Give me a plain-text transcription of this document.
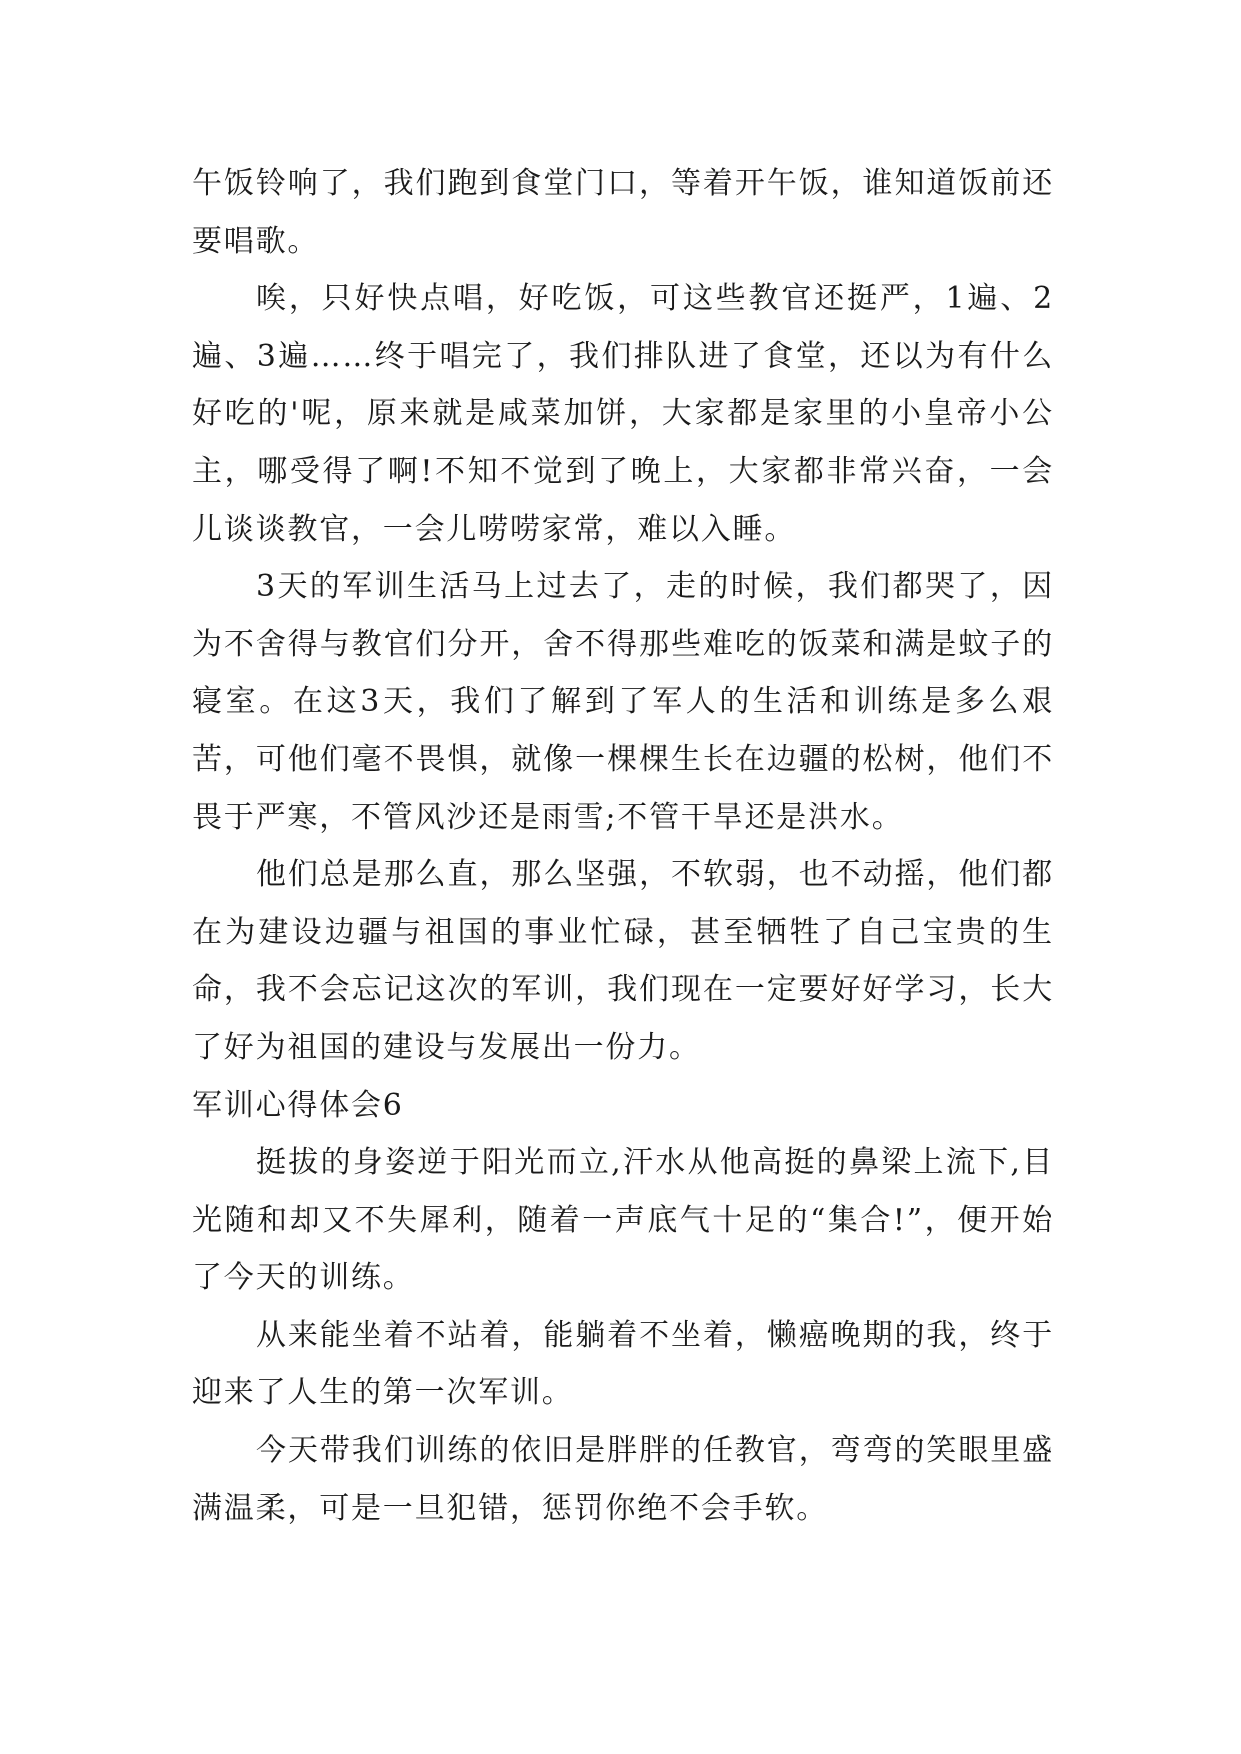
午饭铃响了，我们跑到食堂门口，等着开午饭，谁知道饭前还要唱歌。

唉，只好快点唱，好吃饭，可这些教官还挺严，1遍、2遍、3遍……终于唱完了，我们排队进了食堂，还以为有什么好吃的'呢，原来就是咸菜加饼，大家都是家里的小皇帝小公主，哪受得了啊!不知不觉到了晚上，大家都非常兴奋，一会儿谈谈教官，一会儿唠唠家常，难以入睡。

3天的军训生活马上过去了，走的时候，我们都哭了，因为不舍得与教官们分开，舍不得那些难吃的饭菜和满是蚊子的寝室。在这3天，我们了解到了军人的生活和训练是多么艰苦，可他们毫不畏惧，就像一棵棵生长在边疆的松树，他们不畏于严寒，不管风沙还是雨雪;不管干旱还是洪水。

他们总是那么直，那么坚强，不软弱，也不动摇，他们都在为建设边疆与祖国的事业忙碌，甚至牺牲了自己宝贵的生命，我不会忘记这次的军训，我们现在一定要好好学习，长大了好为祖国的建设与发展出一份力。

军训心得体会6

挺拔的身姿逆于阳光而立,汗水从他高挺的鼻梁上流下,目光随和却又不失犀利，随着一声底气十足的“集合!”，便开始了今天的训练。

从来能坐着不站着，能躺着不坐着，懒癌晚期的我，终于迎来了人生的第一次军训。

今天带我们训练的依旧是胖胖的任教官，弯弯的笑眼里盛满温柔，可是一旦犯错，惩罚你绝不会手软。
